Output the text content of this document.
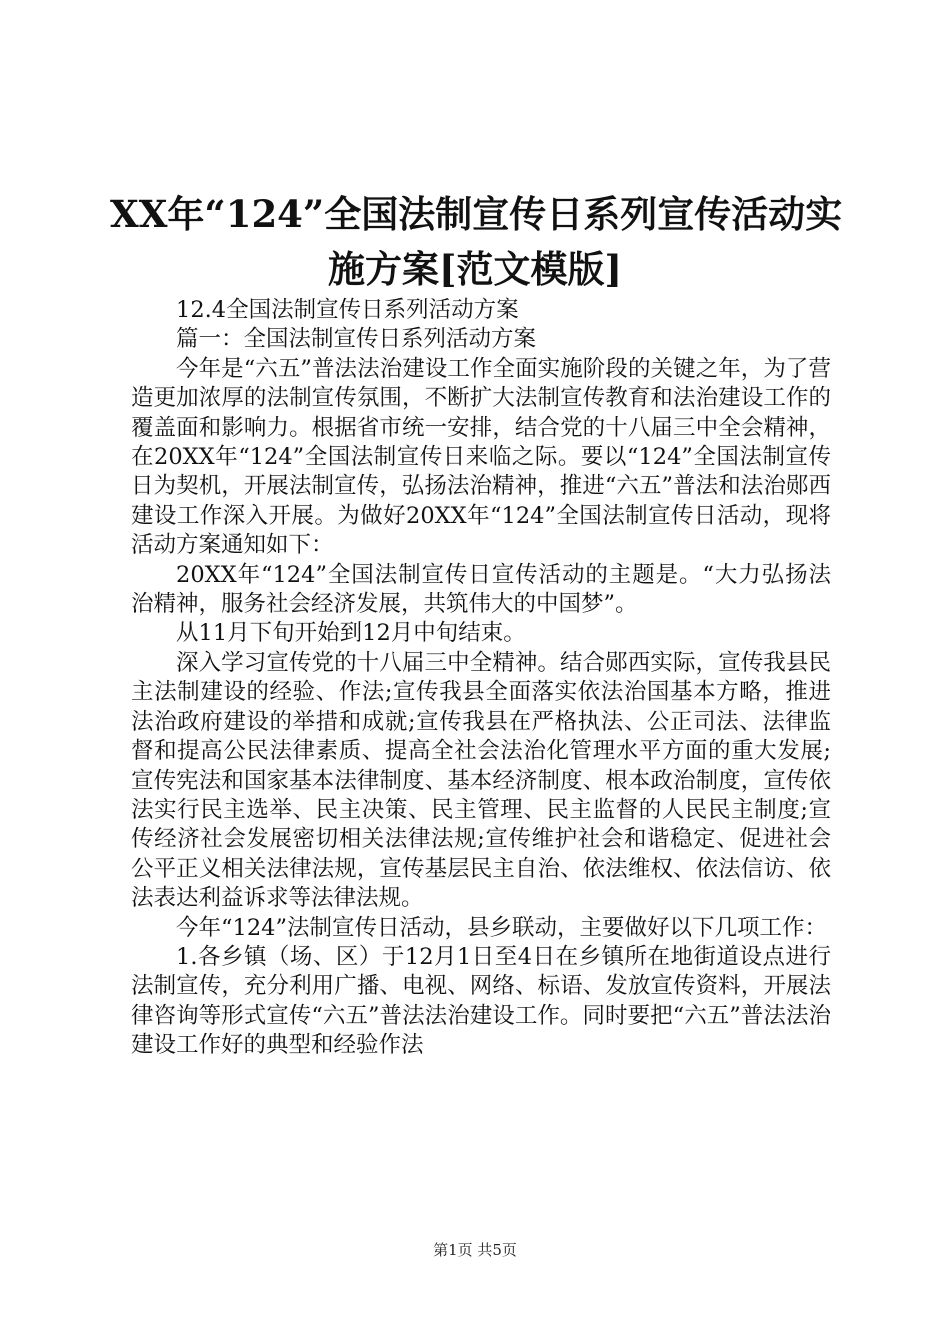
XX年“124”全国法制宣传日系列宣传活动实
施方案[范文模版]

12.4全国法制宣传日系列活动方案

篇一：全国法制宣传日系列活动方案

今年是“六五”普法法治建设工作全面实施阶段的关键之年，为了营造更加浓厚的法制宣传氛围，不断扩大法制宣传教育和法治建设工作的覆盖面和影响力。根据省市统一安排，结合党的十八届三中全会精神，在20XX年“124”全国法制宣传日来临之际。要以“124”全国法制宣传日为契机，开展法制宣传，弘扬法治精神，推进“六五”普法和法治郧西建设工作深入开展。为做好20XX年“124”全国法制宣传日活动，现将活动方案通知如下：

20XX年“124”全国法制宣传日宣传活动的主题是。“大力弘扬法治精神，服务社会经济发展，共筑伟大的中国梦”。

从11月下旬开始到12月中旬结束。

深入学习宣传党的十八届三中全精神。结合郧西实际，宣传我县民主法制建设的经验、作法;宣传我县全面落实依法治国基本方略，推进法治政府建设的举措和成就;宣传我县在严格执法、公正司法、法律监督和提高公民法律素质、提高全社会法治化管理水平方面的重大发展;宣传宪法和国家基本法律制度、基本经济制度、根本政治制度，宣传依法实行民主选举、民主决策、民主管理、民主监督的人民民主制度;宣传经济社会发展密切相关法律法规;宣传维护社会和谐稳定、促进社会公平正义相关法律法规，宣传基层民主自治、依法维权、依法信访、依法表达利益诉求等法律法规。

今年“124”法制宣传日活动，县乡联动，主要做好以下几项工作：

1.各乡镇（场、区）于12月1日至4日在乡镇所在地街道设点进行法制宣传，充分利用广播、电视、网络、标语、发放宣传资料，开展法律咨询等形式宣传“六五”普法法治建设工作。同时要把“六五”普法法治建设工作好的典型和经验作法

第1页 共5页
